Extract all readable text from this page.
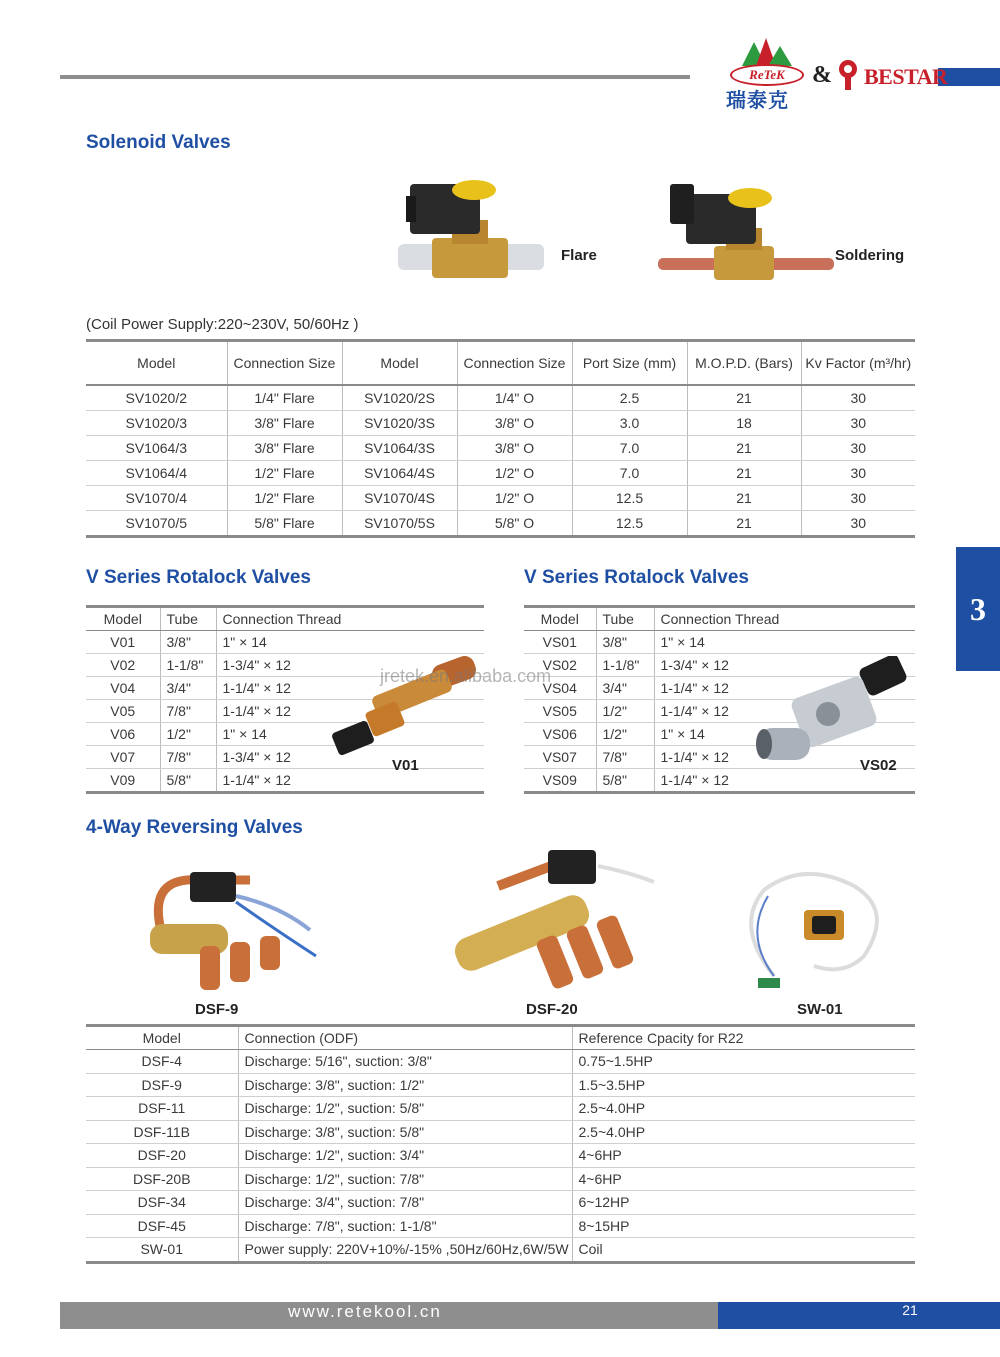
ReTeK
瑞泰克
& BESTAR
Solenoid Valves
Flare	Soldering
(Coil Power Supply:220~230V, 50/60Hz )
Model	Connection Size	Model	Connection Size	Port Size (mm)	M.O.P.D. (Bars)	Kv Factor (m³/hr)
SV1020/2	1/4" Flare	SV1020/2S	1/4" O	2.5	21	30
SV1020/3	3/8" Flare	SV1020/3S	3/8" O	3.0	18	30
SV1064/3	3/8" Flare	SV1064/3S	3/8" O	7.0	21	30
SV1064/4	1/2" Flare	SV1064/4S	1/2" O	7.0	21	30
SV1070/4	1/2" Flare	SV1070/4S	1/2" O	12.5	21	30
SV1070/5	5/8" Flare	SV1070/5S	5/8" O	12.5	21	30
3
V Series Rotalock Valves
Model	Tube	Connection Thread	
V01	3/8"	1" × 14	
V02	1-1/8"	1-3/4" × 12	
V04	3/4"	1-1/4" × 12	
V05	7/8"	1-1/4" × 12	
V06	1/2"	1" × 14	
V07	7/8"	1-3/4" × 12	
V09	5/8"	1-1/4" × 12	
V01
V Series Rotalock Valves
Model	Tube	Connection Thread	
VS01	3/8"	1" × 14	
VS02	1-1/8"	1-3/4" × 12	
VS04	3/4"	1-1/4" × 12	
VS05	1/2"	1-1/4" × 12	
VS06	1/2"	1" × 14	
VS07	7/8"	1-1/4" × 12	
VS09	5/8"	1-1/4" × 12	
VS02
jretek.en.alibaba.com
4-Way Reversing Valves
DSF-9	DSF-20	SW-01
Model	Connection (ODF)	Reference Cpacity for R22
DSF-4	Discharge: 5/16", suction: 3/8"	0.75~1.5HP
DSF-9	Discharge: 3/8", suction: 1/2"	1.5~3.5HP
DSF-11	Discharge: 1/2", suction: 5/8"	2.5~4.0HP
DSF-11B	Discharge: 3/8", suction: 5/8"	2.5~4.0HP
DSF-20	Discharge: 1/2", suction: 3/4"	4~6HP
DSF-20B	Discharge: 1/2", suction: 7/8"	4~6HP
DSF-34	Discharge: 3/4", suction: 7/8"	6~12HP
DSF-45	Discharge: 7/8", suction: 1-1/8"	8~15HP
SW-01	Power supply: 220V+10%/-15% ,50Hz/60Hz,6W/5W	Coil
www.retekool.cn	21
